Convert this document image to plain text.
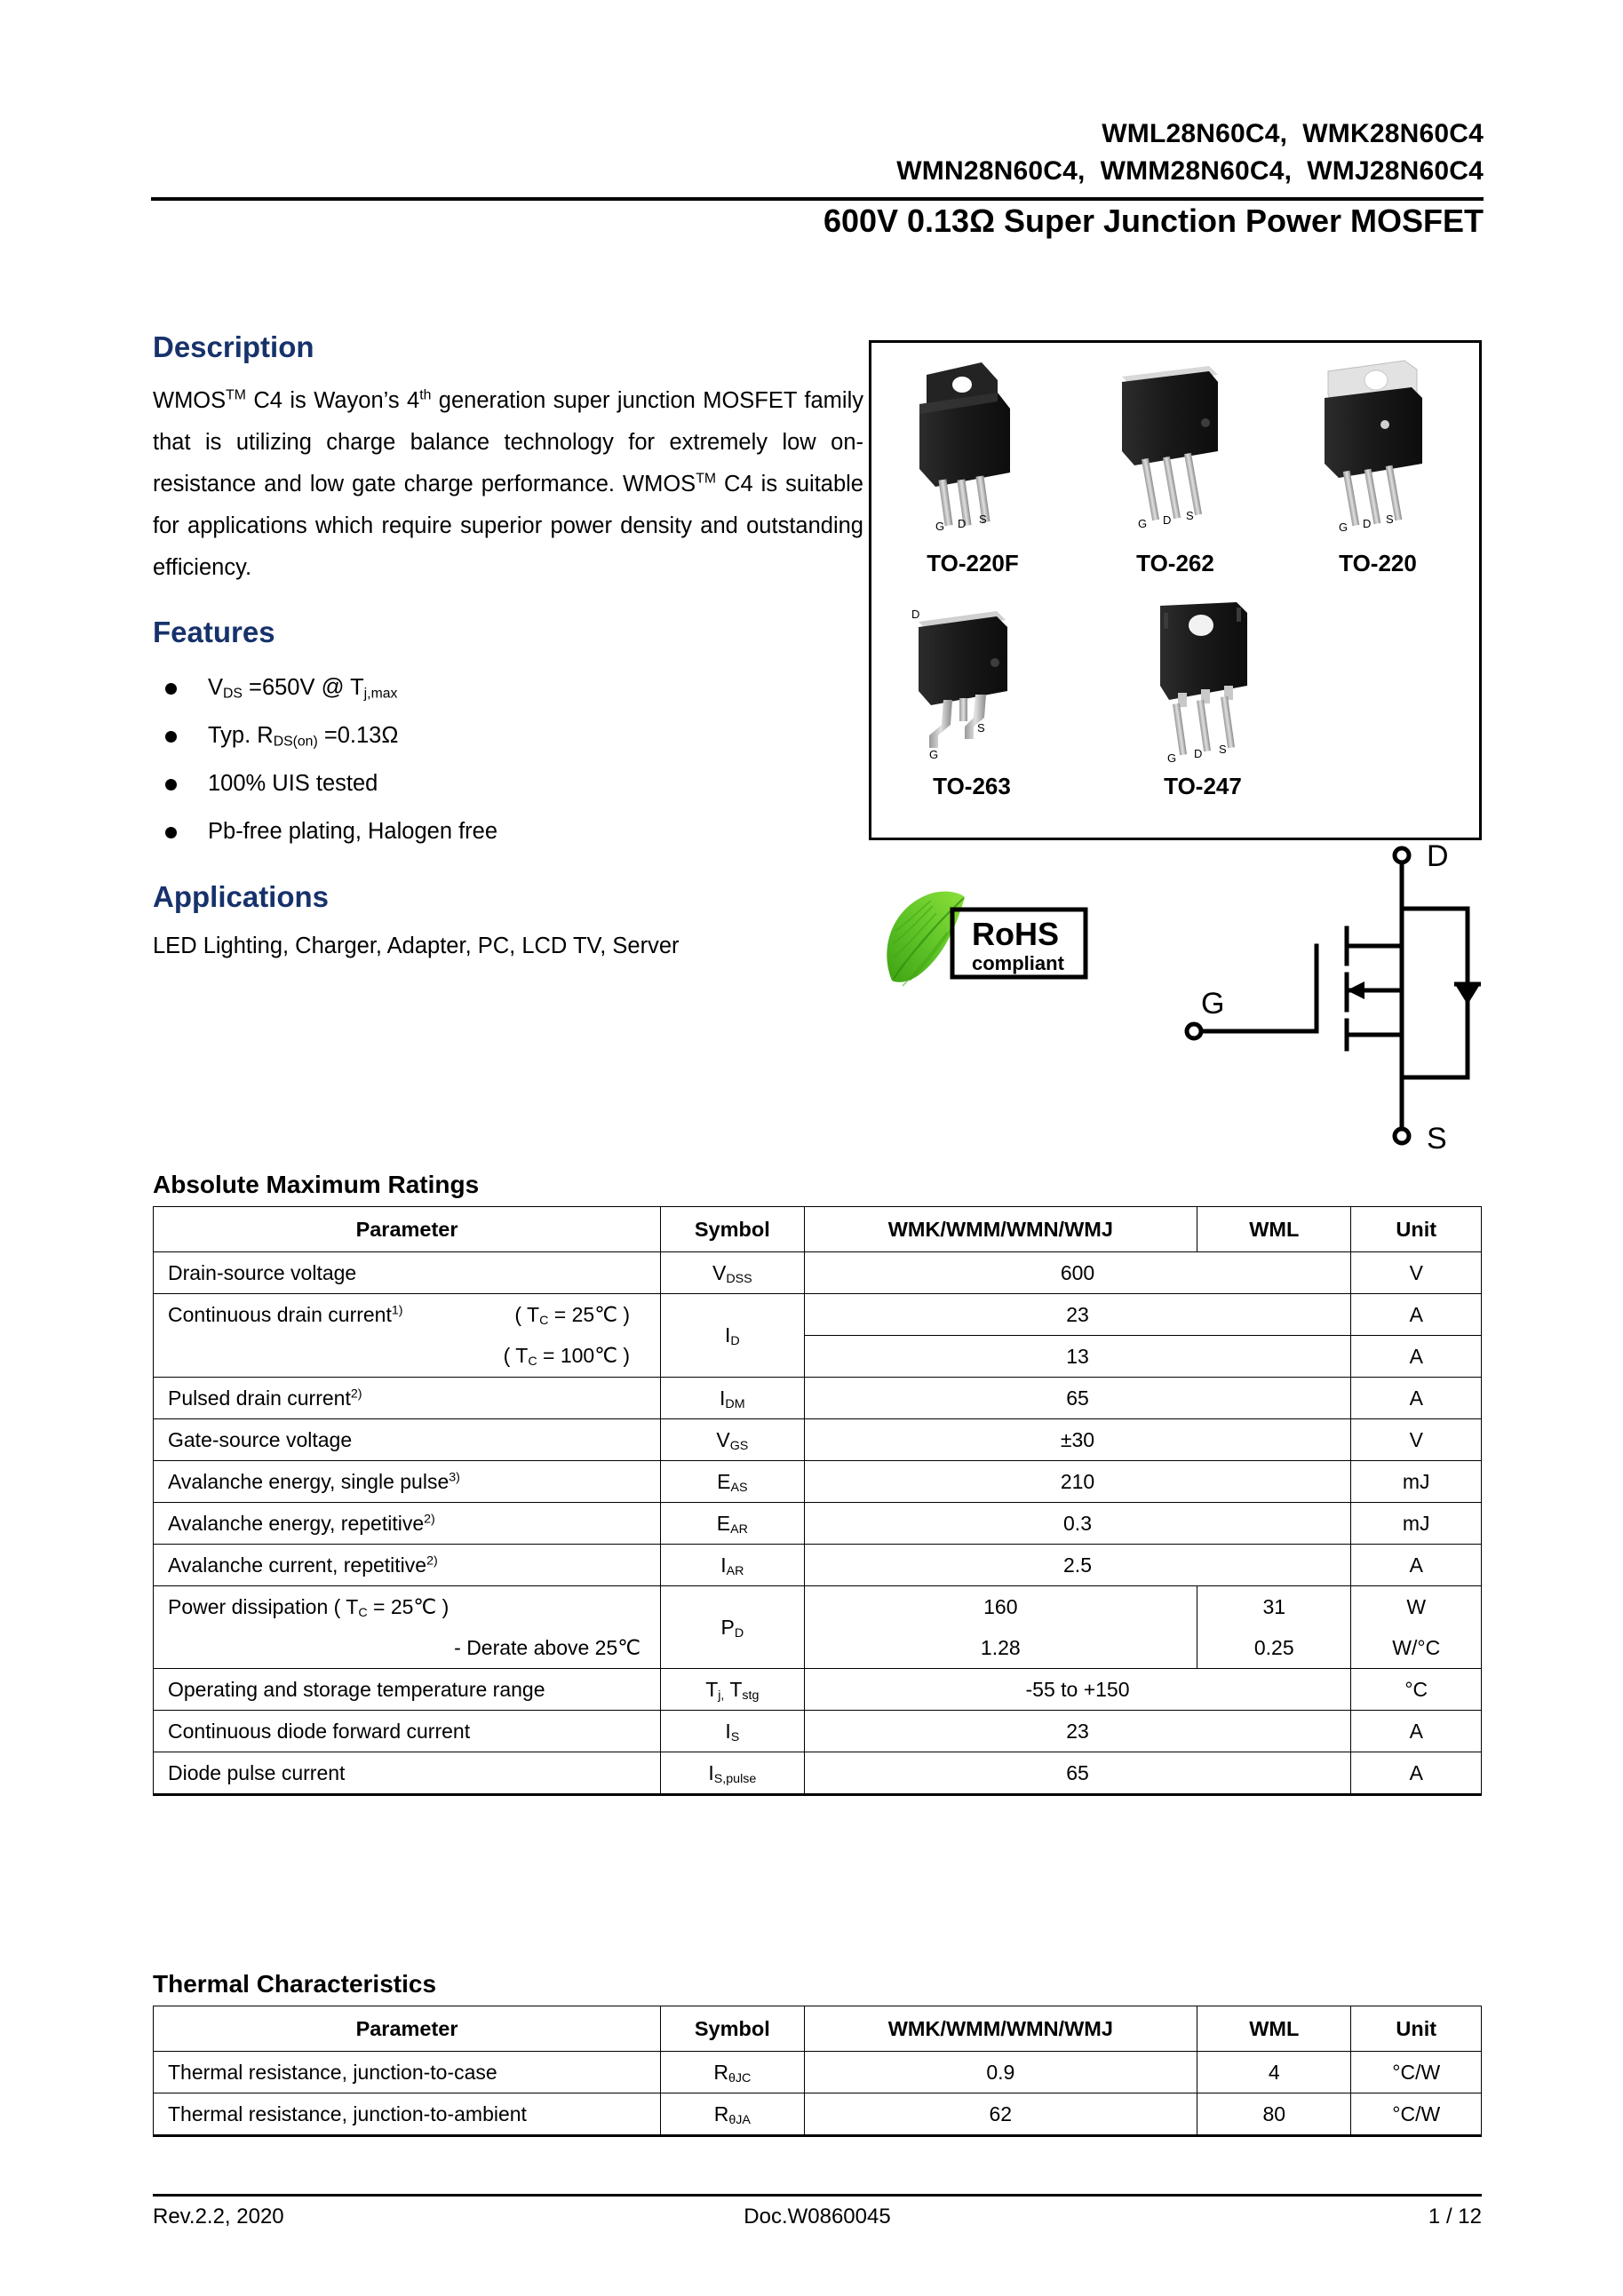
WML28N60C4,  WMK28N60C4
WMN28N60C4,  WMM28N60C4,  WMJ28N60C4
600V 0.13Ω Super Junction Power MOSFET
Description
WMOS™ C4 is Wayon’s 4th generation super junction MOSFET family that is utilizing charge balance technology for extremely low on-resistance and low gate charge performance. WMOS™ C4 is suitable for applications which require superior power density and outstanding efficiency.
Features
$V_{DS} =650V$ @ $T_{j,max}$
Typ. $R_{DS(on)} =0.13\Omega$
100% UIS tested
Pb-free plating, Halogen free
Applications
LED Lighting, Charger, Adapter, PC, LCD TV, Server
G D S
TO-220F
G D S
TO-262
G D S
TO-220
D
S
G
TO-263
G D S
TO-247
RoHS
compliant
D
G
S
Absolute Maximum Ratings
Parameter	Symbol	WMK/WMM/WMN/WMJ	WML	Unit
Drain-source voltage	$V_{DSS}$	600		V

Continuous drain current$^{1)}$ ( $T_C$ = 25℃ )	$I_D$	23		A

( $T_C$ = 100℃ )		13		A
Pulsed drain current$^{2)}$	$I_{DM}$	65		A
Gate-source voltage	$V_{GS}$	±30		V
Avalanche energy, single pulse$^{3)}$	$E_{AS}$	210		mJ
Avalanche energy, repetitive$^{2)}$	$E_{AR}$	0.3		mJ
Avalanche current, repetitive$^{2)}$	$I_{AR}$	2.5		A
Power dissipation ( $T_C$ = 25℃ )	$P_D$	160	31	W
- Derate above 25℃		1.28	0.25	W/°C
Operating and storage temperature range	$T_{j,}$ $T_{stg}$	-55 to +150		°C
Continuous diode forward current	$I_S$	23		A
Diode pulse current	$I_{S,pulse}$	65		A
Thermal Characteristics
Parameter	Symbol	WMK/WMM/WMN/WMJ	WML	Unit
Thermal resistance, junction-to-case	$R_{\theta JC}$	0.9	4	°C/W
Thermal resistance, junction-to-ambient	$R_{\theta JA}$	62	80	°C/W
Rev.2.2, 2020	Doc.W0860045	1 / 12
